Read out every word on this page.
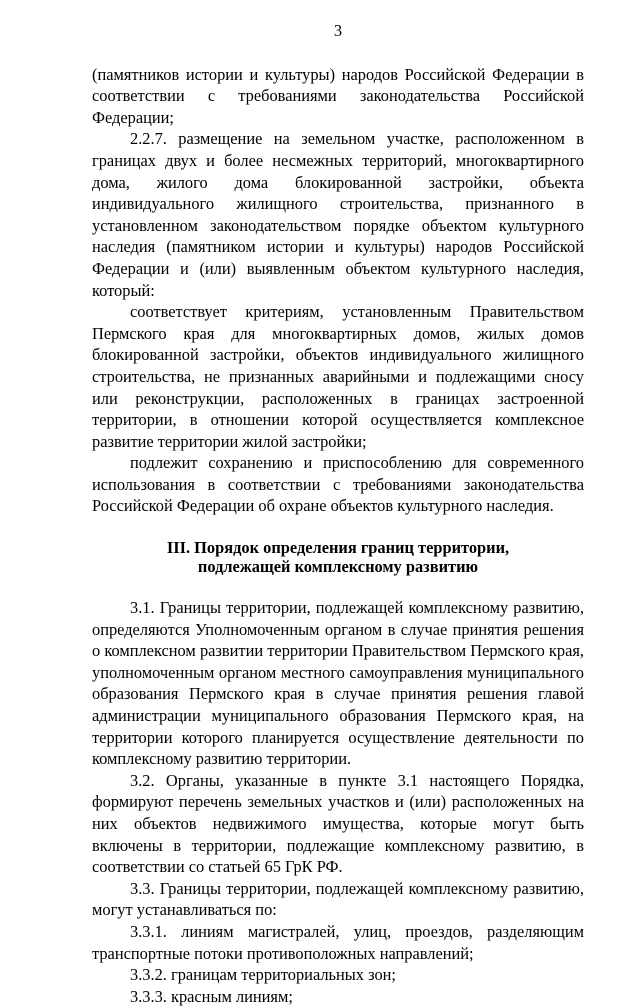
3

(памятников истории и культуры) народов Российской Федерации в соответствии с требованиями законодательства Российской Федерации;

2.2.7. размещение на земельном участке, расположенном в границах двух и более несмежных территорий, многоквартирного дома, жилого дома блокированной застройки, объекта индивидуального жилищного строительства, признанного в установленном законодательством порядке объектом культурного наследия (памятником истории и культуры) народов Российской Федерации и (или) выявленным объектом культурного наследия, который:

соответствует критериям, установленным Правительством Пермского края для многоквартирных домов, жилых домов блокированной застройки, объектов индивидуального жилищного строительства, не признанных аварийными и подлежащими сносу или реконструкции, расположенных в границах застроенной территории, в отношении которой осуществляется комплексное развитие территории жилой застройки;

подлежит сохранению и приспособлению для современного использования в соответствии с требованиями законодательства Российской Федерации об охране объектов культурного наследия.

III. Порядок определения границ территории,
подлежащей комплексному развитию

3.1. Границы территории, подлежащей комплексному развитию, определяются Уполномоченным органом в случае принятия решения о комплексном развитии территории Правительством Пермского края, уполномоченным органом местного самоуправления муниципального образования Пермского края в случае принятия решения главой администрации муниципального образования Пермского края, на территории которого планируется осуществление деятельности по комплексному развитию территории.

3.2. Органы, указанные в пункте 3.1 настоящего Порядка, формируют перечень земельных участков и (или) расположенных на них объектов недвижимого имущества, которые могут быть включены в территории, подлежащие комплексному развитию, в соответствии со статьей 65 ГрК РФ.

3.3. Границы территории, подлежащей комплексному развитию, могут устанавливаться по:

3.3.1. линиям магистралей, улиц, проездов, разделяющим транспортные потоки противоположных направлений;

3.3.2. границам территориальных зон;

3.3.3. красным линиям;
